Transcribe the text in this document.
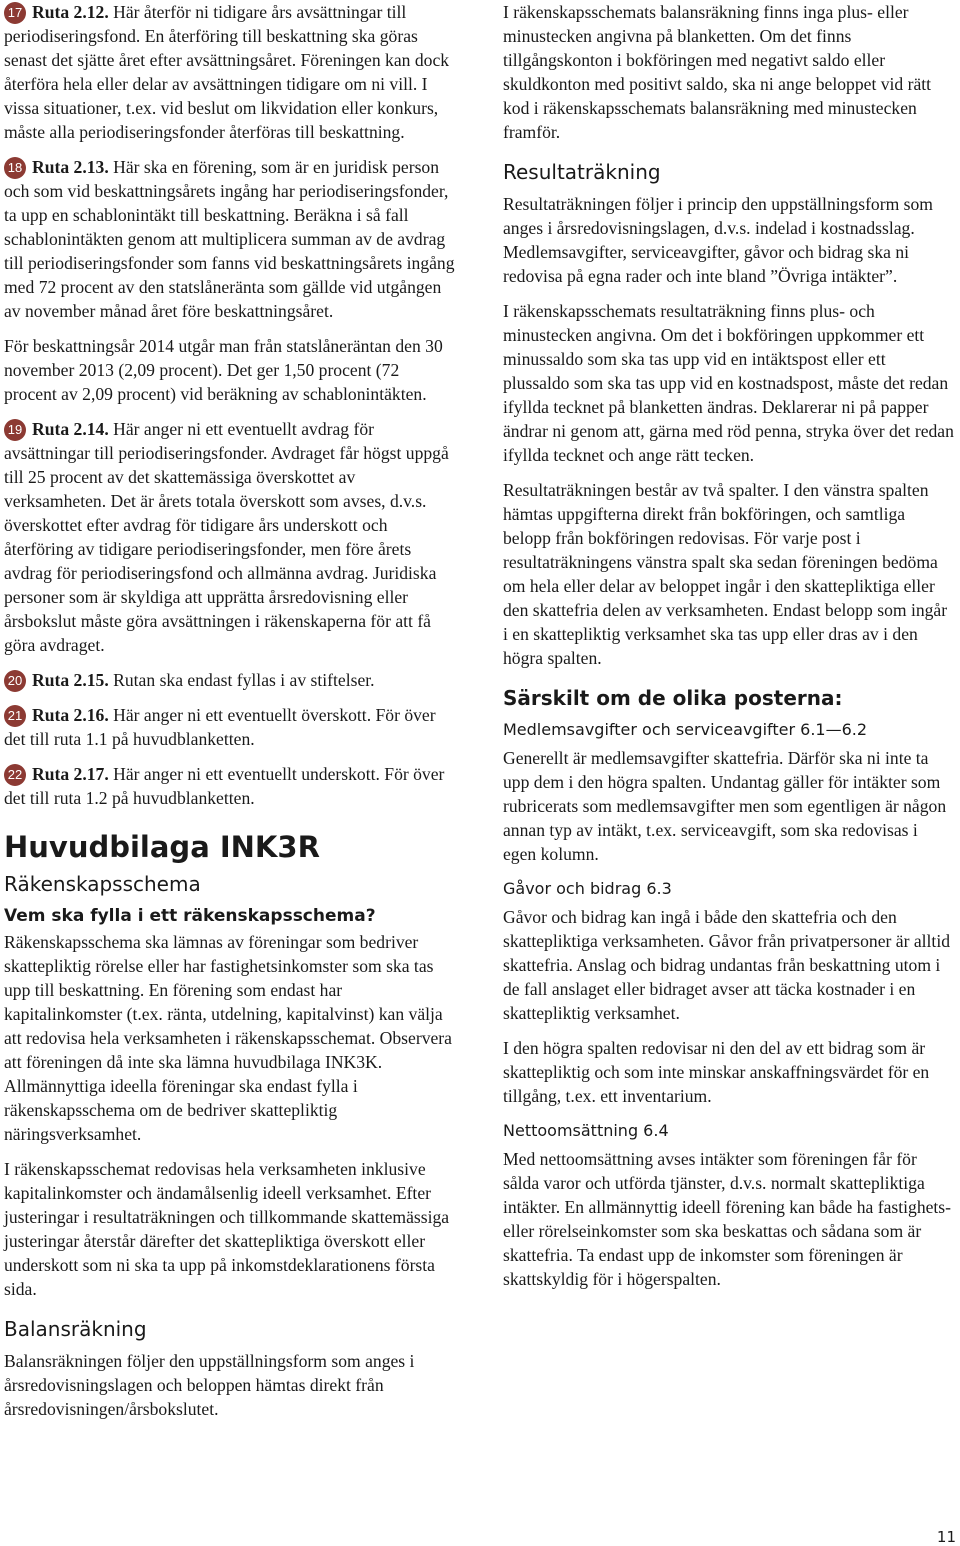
17 Ruta 2.12. Här återför ni tidigare års avsättningar till periodiseringsfond. En återföring till beskattning ska göras senast det sjätte året efter avsättningsåret. Föreningen kan dock återföra hela eller delar av avsättningen tidigare om ni vill. I vissa situationer, t.ex. vid beslut om likvidation eller konkurs, måste alla periodiseringsfonder återföras till beskattning.

18 Ruta 2.13. Här ska en förening, som är en juridisk person och som vid beskattningsårets ingång har periodiseringsfonder, ta upp en schablonintäkt till beskattning. Beräkna i så fall schablonintäkten genom att multiplicera summan av de avdrag till periodiseringsfonder som fanns vid beskattningsårets ingång med 72 procent av den statslåneränta som gällde vid utgången av november månad året före beskattningsåret.

För beskattningsår 2014 utgår man från statslåneräntan den 30 november 2013 (2,09 procent). Det ger 1,50 procent (72 procent av 2,09 procent) vid beräkning av schablonintäkten.

19 Ruta 2.14. Här anger ni ett eventuellt avdrag för avsättningar till periodiseringsfonder. Avdraget får högst uppgå till 25 procent av det skattemässiga överskottet av verksamheten. Det är årets totala överskott som avses, d.v.s. överskottet efter avdrag för tidigare års underskott och återföring av tidigare periodiseringsfonder, men före årets avdrag för periodiseringsfond och allmänna avdrag. Juridiska personer som är skyldiga att upprätta årsredovisning eller årsbokslut måste göra avsättningen i räkenskaperna för att få göra avdraget.

20 Ruta 2.15. Rutan ska endast fyllas i av stiftelser.

21 Ruta 2.16. Här anger ni ett eventuellt överskott. För över det till ruta 1.1 på huvudblanketten.

22 Ruta 2.17. Här anger ni ett eventuellt underskott. För över det till ruta 1.2 på huvudblanketten.

Huvudbilaga INK3R
Räkenskapsschema
Vem ska fylla i ett räkenskapsschema?

Räkenskapsschema ska lämnas av föreningar som bedriver skattepliktig rörelse eller har fastighetsinkomster som ska tas upp till beskattning. En förening som endast har kapitalinkomster (t.ex. ränta, utdelning, kapitalvinst) kan välja att redovisa hela verksamheten i räkenskapsschemat. Observera att föreningen då inte ska lämna huvudbilaga INK3K. Allmännyttiga ideella föreningar ska endast fylla i räkenskapsschema om de bedriver skattepliktig näringsverksamhet.

I räkenskapsschemat redovisas hela verksamheten inklusive kapitalinkomster och ändamålsenlig ideell verksamhet. Efter justeringar i resultaträkningen och tillkommande skattemässiga justeringar återstår därefter det skattepliktiga överskott eller underskott som ni ska ta upp på inkomstdeklarationens första sida.

Balansräkning

Balansräkningen följer den uppställningsform som anges i årsredovisningslagen och beloppen hämtas direkt från årsredovisningen/årsbokslutet.

I räkenskapsschemats balansräkning finns inga plus- eller minustecken angivna på blanketten. Om det finns tillgångskonton i bokföringen med negativt saldo eller skuldkonton med positivt saldo, ska ni ange beloppet vid rätt kod i räkenskapsschemats balansräkning med minustecken framför.

Resultaträkning

Resultaträkningen följer i princip den uppställningsform som anges i årsredovisningslagen, d.v.s. indelad i kostnadsslag. Medlemsavgifter, serviceavgifter, gåvor och bidrag ska ni redovisa på egna rader och inte bland ”Övriga intäkter”.

I räkenskapsschemats resultaträkning finns plus- och minustecken angivna. Om det i bokföringen uppkommer ett minussaldo som ska tas upp vid en intäktspost eller ett plussaldo som ska tas upp vid en kostnadspost, måste det redan ifyllda tecknet på blanketten ändras. Deklarerar ni på papper ändrar ni genom att, gärna med röd penna, stryka över det redan ifyllda tecknet och ange rätt tecken.

Resultaträkningen består av två spalter. I den vänstra spalten hämtas uppgifterna direkt från bokföringen, och samtliga belopp från bokföringen redovisas. För varje post i resultaträkningens vänstra spalt ska sedan föreningen bedöma om hela eller delar av beloppet ingår i den skattepliktiga eller den skattefria delen av verksamheten. Endast belopp som ingår i en skattepliktig verksamhet ska tas upp eller dras av i den högra spalten.

Särskilt om de olika posterna:
Medlemsavgifter och serviceavgifter 6.1—6.2

Generellt är medlemsavgifter skattefria. Därför ska ni inte ta upp dem i den högra spalten. Undantag gäller för intäkter som rubricerats som medlemsavgifter men som egentligen är någon annan typ av intäkt, t.ex. serviceavgift, som ska redovisas i egen kolumn.

Gåvor och bidrag 6.3

Gåvor och bidrag kan ingå i både den skattefria och den skattepliktiga verksamheten. Gåvor från privatpersoner är alltid skattefria. Anslag och bidrag undantas från beskattning utom i de fall anslaget eller bidraget avser att täcka kostnader i en skattepliktig verksamhet.

I den högra spalten redovisar ni den del av ett bidrag som är skattepliktig och som inte minskar anskaffningsvärdet för en tillgång, t.ex. ett inventarium.

Nettoomsättning 6.4

Med nettoomsättning avses intäkter som föreningen får för sålda varor och utförda tjänster, d.v.s. normalt skattepliktiga intäkter. En allmännyttig ideell förening kan både ha fastighets- eller rörelseinkomster som ska beskattas och sådana som är skattefria. Ta endast upp de inkomster som föreningen är skattskyldig för i högerspalten.

11
